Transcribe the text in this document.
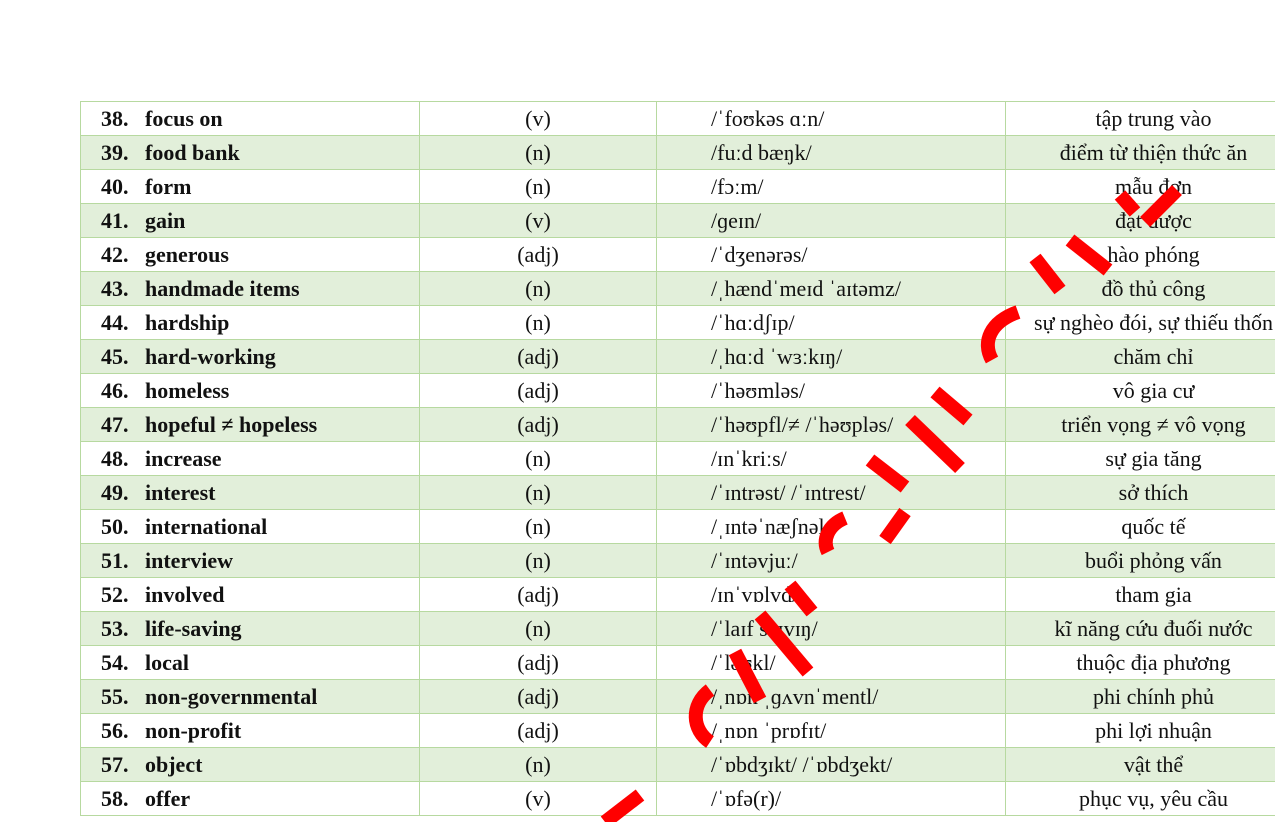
38. focus on	(v)	/ˈfoʊkəs ɑːn/	tập trung vào
39. food bank	(n)	/fuːd bæŋk/	điểm từ thiện thức ăn
40. form	(n)	/fɔːm/	mẫu đơn
41. gain	(v)	/ɡeɪn/	đạt được
42. generous	(adj)	/ˈdʒenərəs/	hào phóng
43. handmade items	(n)	/ˌhændˈmeɪd ˈaɪtəmz/	đồ thủ công
44. hardship	(n)	/ˈhɑːdʃɪp/	sự nghèo đói, sự thiếu thốn
45. hard-working	(adj)	/ˌhɑːd ˈwɜːkɪŋ/	chăm chỉ
46. homeless	(adj)	/ˈhəʊmləs/	vô gia cư
47. hopeful ≠ hopeless	(adj)	/ˈhəʊpfl/≠ /ˈhəʊpləs/	triển vọng ≠ vô vọng
48. increase	(n)	/ɪnˈkriːs/	sự gia tăng
49. interest	(n)	/ˈɪntrəst/ /ˈɪntrest/	sở thích
50. international	(n)	/ˌɪntəˈnæʃnəl/	quốc tế
51. interview	(n)	/ˈɪntəvjuː/	buổi phỏng vấn
52. involved	(adj)	/ɪnˈvɒlvd/	tham gia
53. life-saving	(n)	/ˈlaɪf seɪvɪŋ/	kĩ năng cứu đuối nước
54. local	(adj)	/ˈləʊkl/	thuộc địa phương
55. non-governmental	(adj)	/ˌnɒn ˌɡʌvnˈmentl/	phi chính phủ
56. non-profit	(adj)	/ˌnɒn ˈprɒfɪt/	phi lợi nhuận
57. object	(n)	/ˈɒbdʒɪkt/ /ˈɒbdʒekt/	vật thể
58. offer	(v)	/ˈɒfə(r)/	phục vụ, yêu cầu
